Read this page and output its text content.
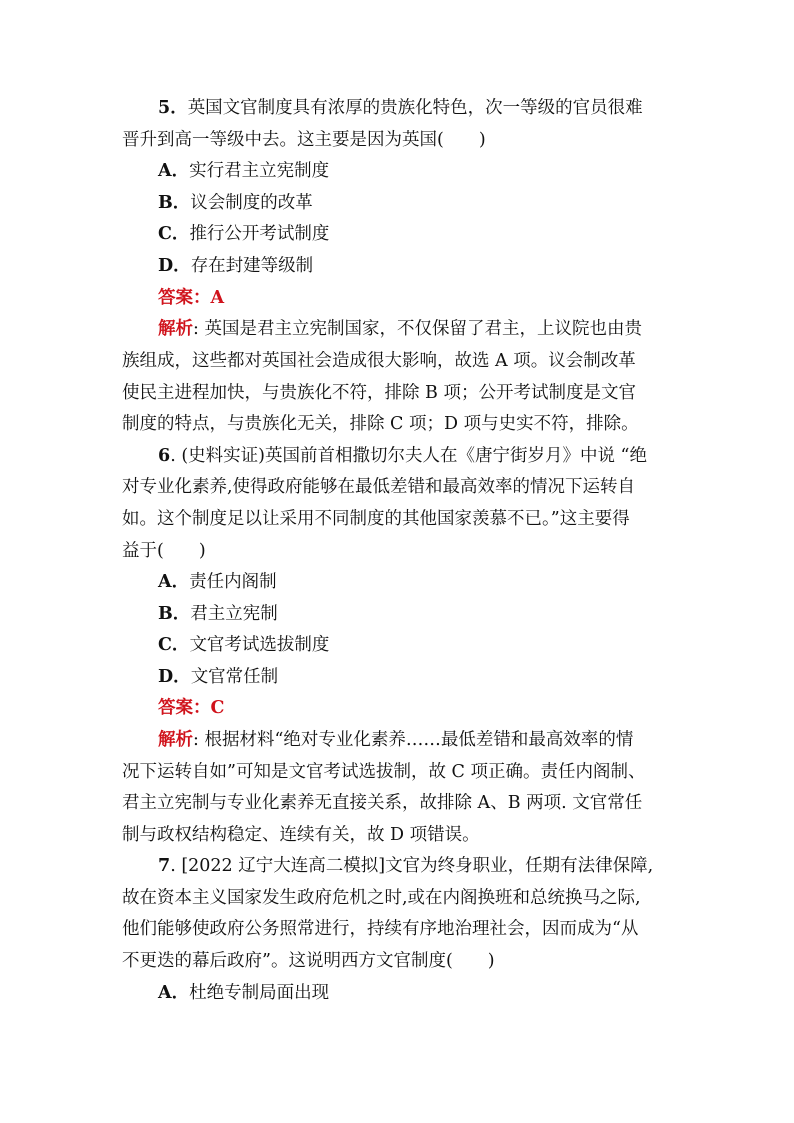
5．英国文官制度具有浓厚的贵族化特色，次一等级的官员很难
晋升到高一等级中去。这主要是因为英国(　　)
A．实行君主立宪制度
B．议会制度的改革
C．推行公开考试制度
D．存在封建等级制
答案：A
解析: 英国是君主立宪制国家，不仅保留了君主，上议院也由贵
族组成，这些都对英国社会造成很大影响，故选 A 项。议会制改革
使民主进程加快，与贵族化不符，排除 B 项；公开考试制度是文官
制度的特点，与贵族化无关，排除 C 项；D 项与史实不符，排除。
6. (史料实证)英国前首相撒切尔夫人在《唐宁街岁月》中说 “绝
对专业化素养,使得政府能够在最低差错和最高效率的情况下运转自
如。这个制度足以让采用不同制度的其他国家羡慕不已。”这主要得
益于(　　)
A．责任内阁制
B．君主立宪制
C．文官考试选拔制度
D．文官常任制
答案：C
解析: 根据材料“绝对专业化素养……最低差错和最高效率的情
况下运转自如”可知是文官考试选拔制，故 C 项正确。责任内阁制、
君主立宪制与专业化素养无直接关系，故排除 A、B 两项. 文官常任
制与政权结构稳定、连续有关，故 D 项错误。
7. [2022 辽宁大连高二模拟]文官为终身职业，任期有法律保障,
故在资本主义国家发生政府危机之时,或在内阁换班和总统换马之际,
他们能够使政府公务照常进行，持续有序地治理社会，因而成为“从
不更迭的幕后政府”。这说明西方文官制度(　　)
A．杜绝专制局面出现
